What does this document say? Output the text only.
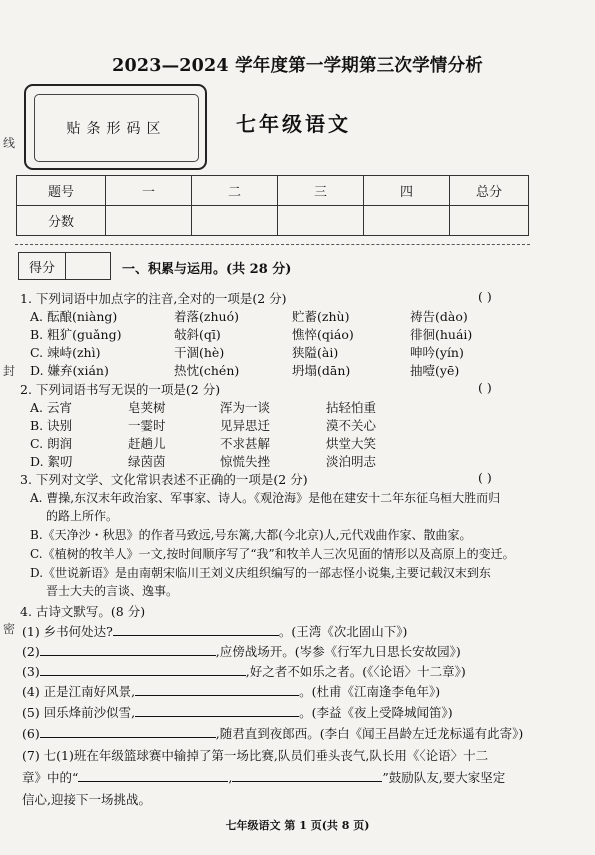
2023—2024 学年度第一学期第三次学情分析
贴条形码区	七年级语文
线
封
密
题号	一	二	三	四	总分
分数					
得分	一、积累与运用。(共 28 分)
1. 下列词语中加点字的注音,全对的一项是(2 分)	( )
A. 酝酿(niàng)	着落(zhuó)	贮蓄(zhù)	祷告(dào)
B. 粗犷(guǎng)	敧斜(qī)	憔悴(qiáo)	徘徊(huái)
C. 竦峙(zhì)	干涸(hè)	狭隘(ài)	呻吟(yín)
D. 嫌弃(xián)	热忱(chén)	坍塌(dān)	抽噎(yē)
2. 下列词语书写无误的一项是(2 分)	( )
A. 云宵	皂荚树	浑为一谈	拈轻怕重
B. 诀别	一霎时	见异思迁	漠不关心
C. 朗润	赶趟儿	不求甚解	烘堂大笑
D. 絮叨	绿茵茵	惊慌失挫	淡泊明志
3. 下列对文学、文化常识表述不正确的一项是(2 分)	( )
A. 曹操,东汉末年政治家、军事家、诗人。《观沧海》是他在建安十二年东征乌桓大胜而归
的路上所作。
B.《天净沙・秋思》的作者马致远,号东篱,大都(今北京)人,元代戏曲作家、散曲家。
C.《植树的牧羊人》一文,按时间顺序写了“我”和牧羊人三次见面的情形以及高原上的变迁。
D.《世说新语》是由南朝宋临川王刘义庆组织编写的一部志怪小说集,主要记载汉末到东
晋士大夫的言谈、逸事。
4. 古诗文默写。(8 分)
(1) 乡书何处达?	。(王湾《次北固山下》)
(2)	,应傍战场开。(岑参《行军九日思长安故园》)
(3)	,好之者不如乐之者。(《〈论语〉十二章》)
(4) 正是江南好风景,	。(杜甫《江南逢李龟年》)
(5) 回乐烽前沙似雪,	。(李益《夜上受降城闻笛》)
(6)	,随君直到夜郎西。(李白《闻王昌龄左迁龙标遥有此寄》)
(7) 七(1)班在年级篮球赛中输掉了第一场比赛,队员们垂头丧气,队长用《〈论语〉十二
章》中的“	,	”鼓励队友,要大家坚定
信心,迎接下一场挑战。
七年级语文 第 1 页(共 8 页)
